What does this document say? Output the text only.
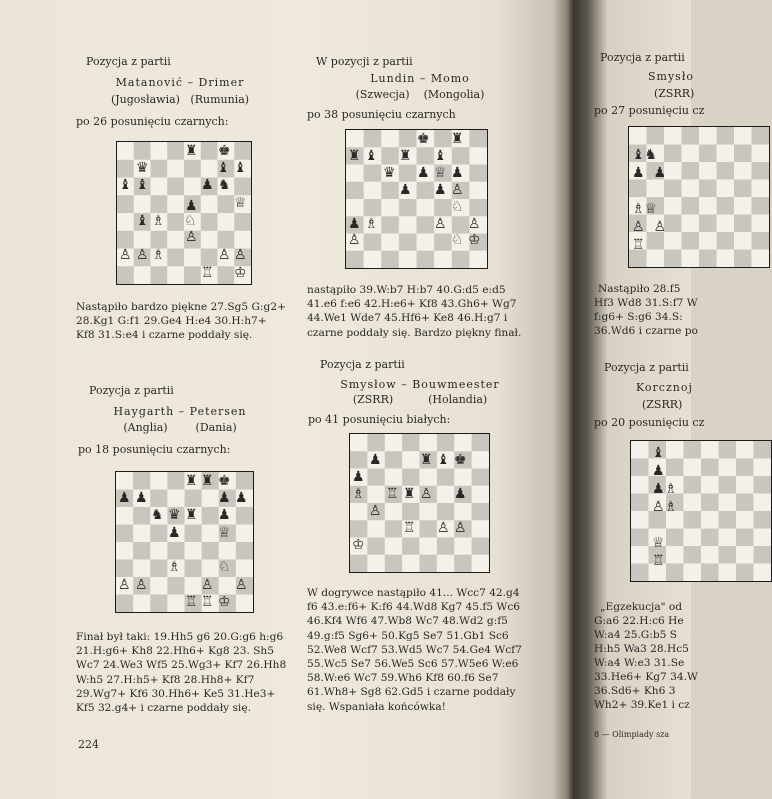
Pozycja z partii
Matanović – Drimer
(Jugosławia)   (Rumunia)
po 26 posunięciu czarnych:
♜ ♚
♛	♝ ♝
♝ ♝	♟ ♞
♕
♟
♝ ♗ ♘
♙
♙ ♙ ♗	♙ ♙
♖ ♔
Nastąpiło bardzo piękne 27.Sg5 G:g2+ 28.Kg1 G:f1 29.Ge4 H:e4 30.H:h7+ Kf8 31.S:e4 i czarne poddały się.
Pozycja z partii
Haygarth – Petersen
(Anglia)        (Dania)
po 18 posunięciu czarnych:
♜ ♜ ♚
♟ ♟	♟ ♟
♞ ♛ ♜ ♟
♟	♕
♗	♘
♙ ♙	♙ ♙
♖ ♖ ♔
Finał był taki: 19.Hh5 g6 20.G:g6 h:g6 21.H:g6+ Kh8 22.Hh6+ Kg8 23. Sh5 Wc7 24.We3 Wf5 25.Wg3+ Kf7 26.Hh8 W:h5 27.H:h5+ Kf8 28.Hh8+ Kf7 29.Wg7+ Kf6 30.Hh6+ Ke5 31.He3+ Kf5 32.g4+ i czarne poddały się.
224
W pozycji z partii
Lundin – Momo
(Szwecja)    (Mongolia)
po 38 posunięciu czarnych
♚ ♜
♜ ♝ ♜ ♝
♛ ♟ ♕ ♟
♟ ♟ ♙
♘
♟ ♗	♙ ♙
♙	♘ ♔
nastąpiło 39.W:b7 H:b7 40.G:d5 e:d5 41.e6 f:e6 42.H:e6+ Kf8 43.Gh6+ Wg7 44.We1 Wde7 45.Hf6+ Ke8 46.H:g7 i czarne poddały się. Bardzo piękny finał.
Pozycja z partii
Smysłow – Bouwmeester
(ZSRR)          (Holandia)
po 41 posunięciu białych:
♟	♜ ♝ ♚
♟
♗ ♖ ♜ ♙ ♟
♙
♖ ♙ ♙
♔
W dogrywce nastąpiło 41... Wcc7 42.g4 f6 43.e:f6+ K:f6 44.Wd8 Kg7 45.f5 Wc6 46.Kf4 Wf6 47.Wb8 Wc7 48.Wd2 g:f5 49.g:f5 Sg6+ 50.Kg5 Se7 51.Gb1 Sc6 52.We8 Wcf7 53.Wd5 Wc7 54.Ge4 Wcf7 55.Wc5 Se7 56.We5 Sc6 57.W5e6 W:e6 58.W:e6 Wc7 59.Wh6 Kf8 60.f6 Se7 61.Wh8+ Sg8 62.Gd5 i czarne poddały się. Wspaniała końcówka!
Pozycja z partii
Smysło
(ZSRR)
po 27 posunięciu cz
♝♞
♟  ♟

♗♕
♙  ♙
♖
Nastąpiło 28.f5
Hf3 Wd8 31.S:f7 W
f:g6+ S:g6 34.S:
36.Wd6 i czarne po
Pozycja z partii
Korcznoj
(ZSRR)
po 20 posunięciu cz
♝
♟
♟♗
♙♗

♕
♖
„Egzekucja" od
G:a6 22.H:c6 He
W:a4 25.G:b5 S
H:h5 Wa3 28.Hc5
W:a4 W:e3 31.Se
33.He6+ Kg7 34.W
36.Sd6+ Kh6 3
Wh2+ 39.Ke1 i cz
8 — Olimpiady sza
